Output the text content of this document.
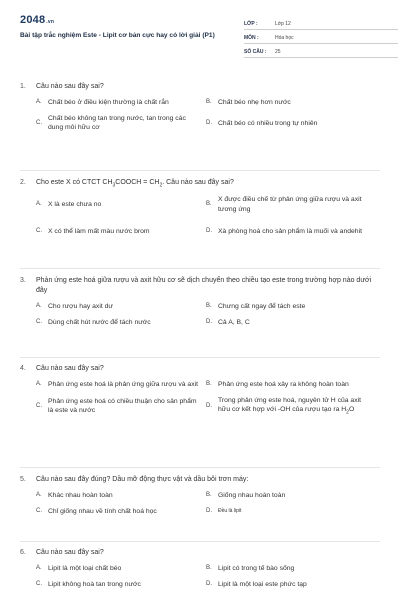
2048.vn
Bài tập trắc nghiệm Este - Lipit cơ bản cực hay có lời giải (P1)
LỚP :	Lớp 12
MÔN :	Hóa học
SỐ CÂU :	25
1.	Câu nào sau đây sai?
A. Chất béo ở điều kiện thường là chất rắn	B. Chất béo nhẹ hơn nước
C.
Chất béo không tan trong nước, tan trong các dung môi hữu cơ
D. Chất béo có nhiều trong tự nhiên
2.	Cho este X có CTCT $CH_3COOCH = CH_2$. Câu nào sau đây sai?
A. X là este chưa no	B.
X được điều chế từ phản ứng giữa rượu và axit tương ứng
C. X có thể làm mất màu nước brom	D. Xà phòng hoá cho sản phẩm là muối và andehit
3.	Phản ứng este hoá giữa rượu và axit hữu cơ sẽ dịch chuyển theo chiều tạo este trong trường hợp nào dưới đây
A. Cho rượu hay axit dư	B. Chưng cất ngay để tách este
C. Dùng chất hút nước để tách nước	D. Cả A, B, C
4.	Câu nào sau đây sai?
A. Phản ứng este hoá là phản ứng giữa rượu và axit	B. Phản ứng este hoá xảy ra không hoàn toàn
C.
Phản ứng este hoá có chiều thuận cho sản phẩm là este và nước
D.
Trong phản ứng este hoá, nguyên tử H của axit hữu cơ kết hợp với -OH của rượu tạo ra $H_2O$
5.	Câu nào sau đây đúng? Dầu mỡ động thực vật và dầu bôi trơn máy:
A. Khác nhau hoàn toàn	B. Giống nhau hoàn toàn
C. Chỉ giống nhau về tính chất hoá học	D.	Đều là lipit
6.	Câu nào sau đây sai?
A. Lipit là một loại chất béo	B. Lipit có trong tế bào sống
C. Lipit không hoà tan trong nước	D. Lipit là một loại este phức tạp
